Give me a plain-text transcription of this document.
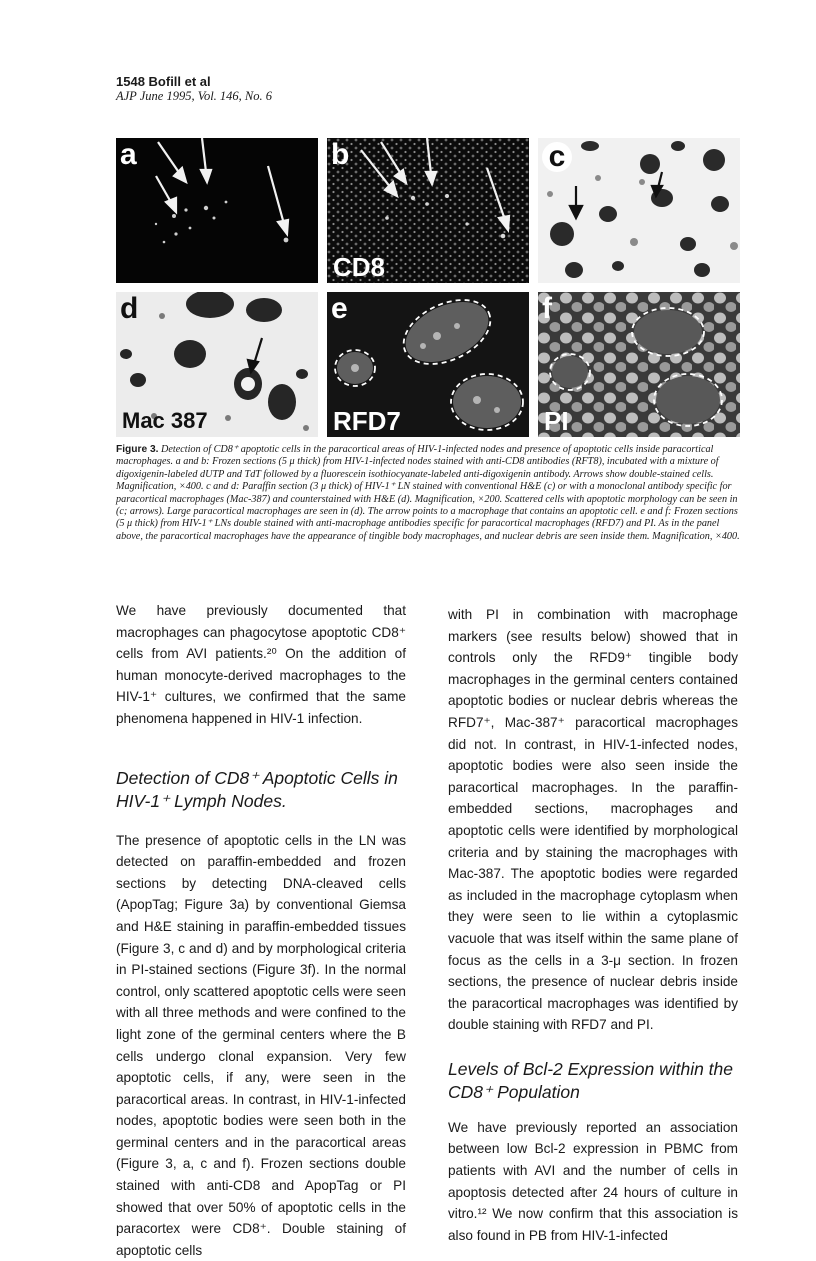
1548 Bofill et al
AJP June 1995, Vol. 146, No. 6
a	b
CD8
c
d
Mac 387
e
RFD7
f
PI
Figure 3. Detection of CD8⁺ apoptotic cells in the paracortical areas of HIV-1-infected nodes and presence of apoptotic cells inside paracortical macrophages. a and b: Frozen sections (5 μ thick) from HIV-1-infected nodes stained with anti-CD8 antibodies (RFT8), incubated with a mixture of digoxigenin-labeled dUTP and TdT followed by a fluorescein isothiocyanate-labeled anti-digoxigenin antibody. Arrows show double-stained cells. Magnification, ×400. c and d: Paraffin section (3 μ thick) of HIV-1⁺ LN stained with conventional H&E (c) or with a monoclonal antibody specific for paracortical macrophages (Mac-387) and counterstained with H&E (d). Magnification, ×200. Scattered cells with apoptotic morphology can be seen in (c; arrows). Large paracortical macrophages are seen in (d). The arrow points to a macrophage that contains an apoptotic cell. e and f: Frozen sections (5 μ thick) from HIV-1⁺ LNs double stained with anti-macrophage antibodies specific for paracortical macrophages (RFD7) and PI. As in the panel above, the paracortical macrophages have the appearance of tingible body macrophages, and nuclear debris are seen inside them. Magnification, ×400.

We have previously documented that macrophages can phagocytose apoptotic CD8⁺ cells from AVI patients.²⁰ On the addition of human monocyte-derived macrophages to the HIV-1⁺ cultures, we confirmed that the same phenomena happened in HIV-1 infection.

Detection of CD8⁺ Apoptotic Cells in HIV-1⁺ Lymph Nodes.

The presence of apoptotic cells in the LN was detected on paraffin-embedded and frozen sections by detecting DNA-cleaved cells (ApopTag; Figure 3a) by conventional Giemsa and H&E staining in paraffin-embedded tissues (Figure 3, c and d) and by morphological criteria in PI-stained sections (Figure 3f). In the normal control, only scattered apoptotic cells were seen with all three methods and were confined to the light zone of the germinal centers where the B cells undergo clonal expansion. Very few apoptotic cells, if any, were seen in the paracortical areas. In contrast, in HIV-1-infected nodes, apoptotic bodies were seen both in the germinal centers and in the paracortical areas (Figure 3, a, c and f). Frozen sections double stained with anti-CD8 and ApopTag or PI showed that over 50% of apoptotic cells in the paracortex were CD8⁺. Double staining of apoptotic cells

with PI in combination with macrophage markers (see results below) showed that in controls only the RFD9⁺ tingible body macrophages in the germinal centers contained apoptotic bodies or nuclear debris whereas the RFD7⁺, Mac-387⁺ paracortical macrophages did not. In contrast, in HIV-1-infected nodes, apoptotic bodies were also seen inside the paracortical macrophages. In the paraffin-embedded sections, macrophages and apoptotic cells were identified by morphological criteria and by staining the macrophages with Mac-387. The apoptotic bodies were regarded as included in the macrophage cytoplasm when they were seen to lie within a cytoplasmic vacuole that was itself within the same plane of focus as the cells in a 3-μ section. In frozen sections, the presence of nuclear debris inside the paracortical macrophages was identified by double staining with RFD7 and PI.

Levels of Bcl-2 Expression within the CD8⁺ Population

We have previously reported an association between low Bcl-2 expression in PBMC from patients with AVI and the number of cells in apoptosis detected after 24 hours of culture in vitro.¹² We now confirm that this association is also found in PB from HIV-1-infected
